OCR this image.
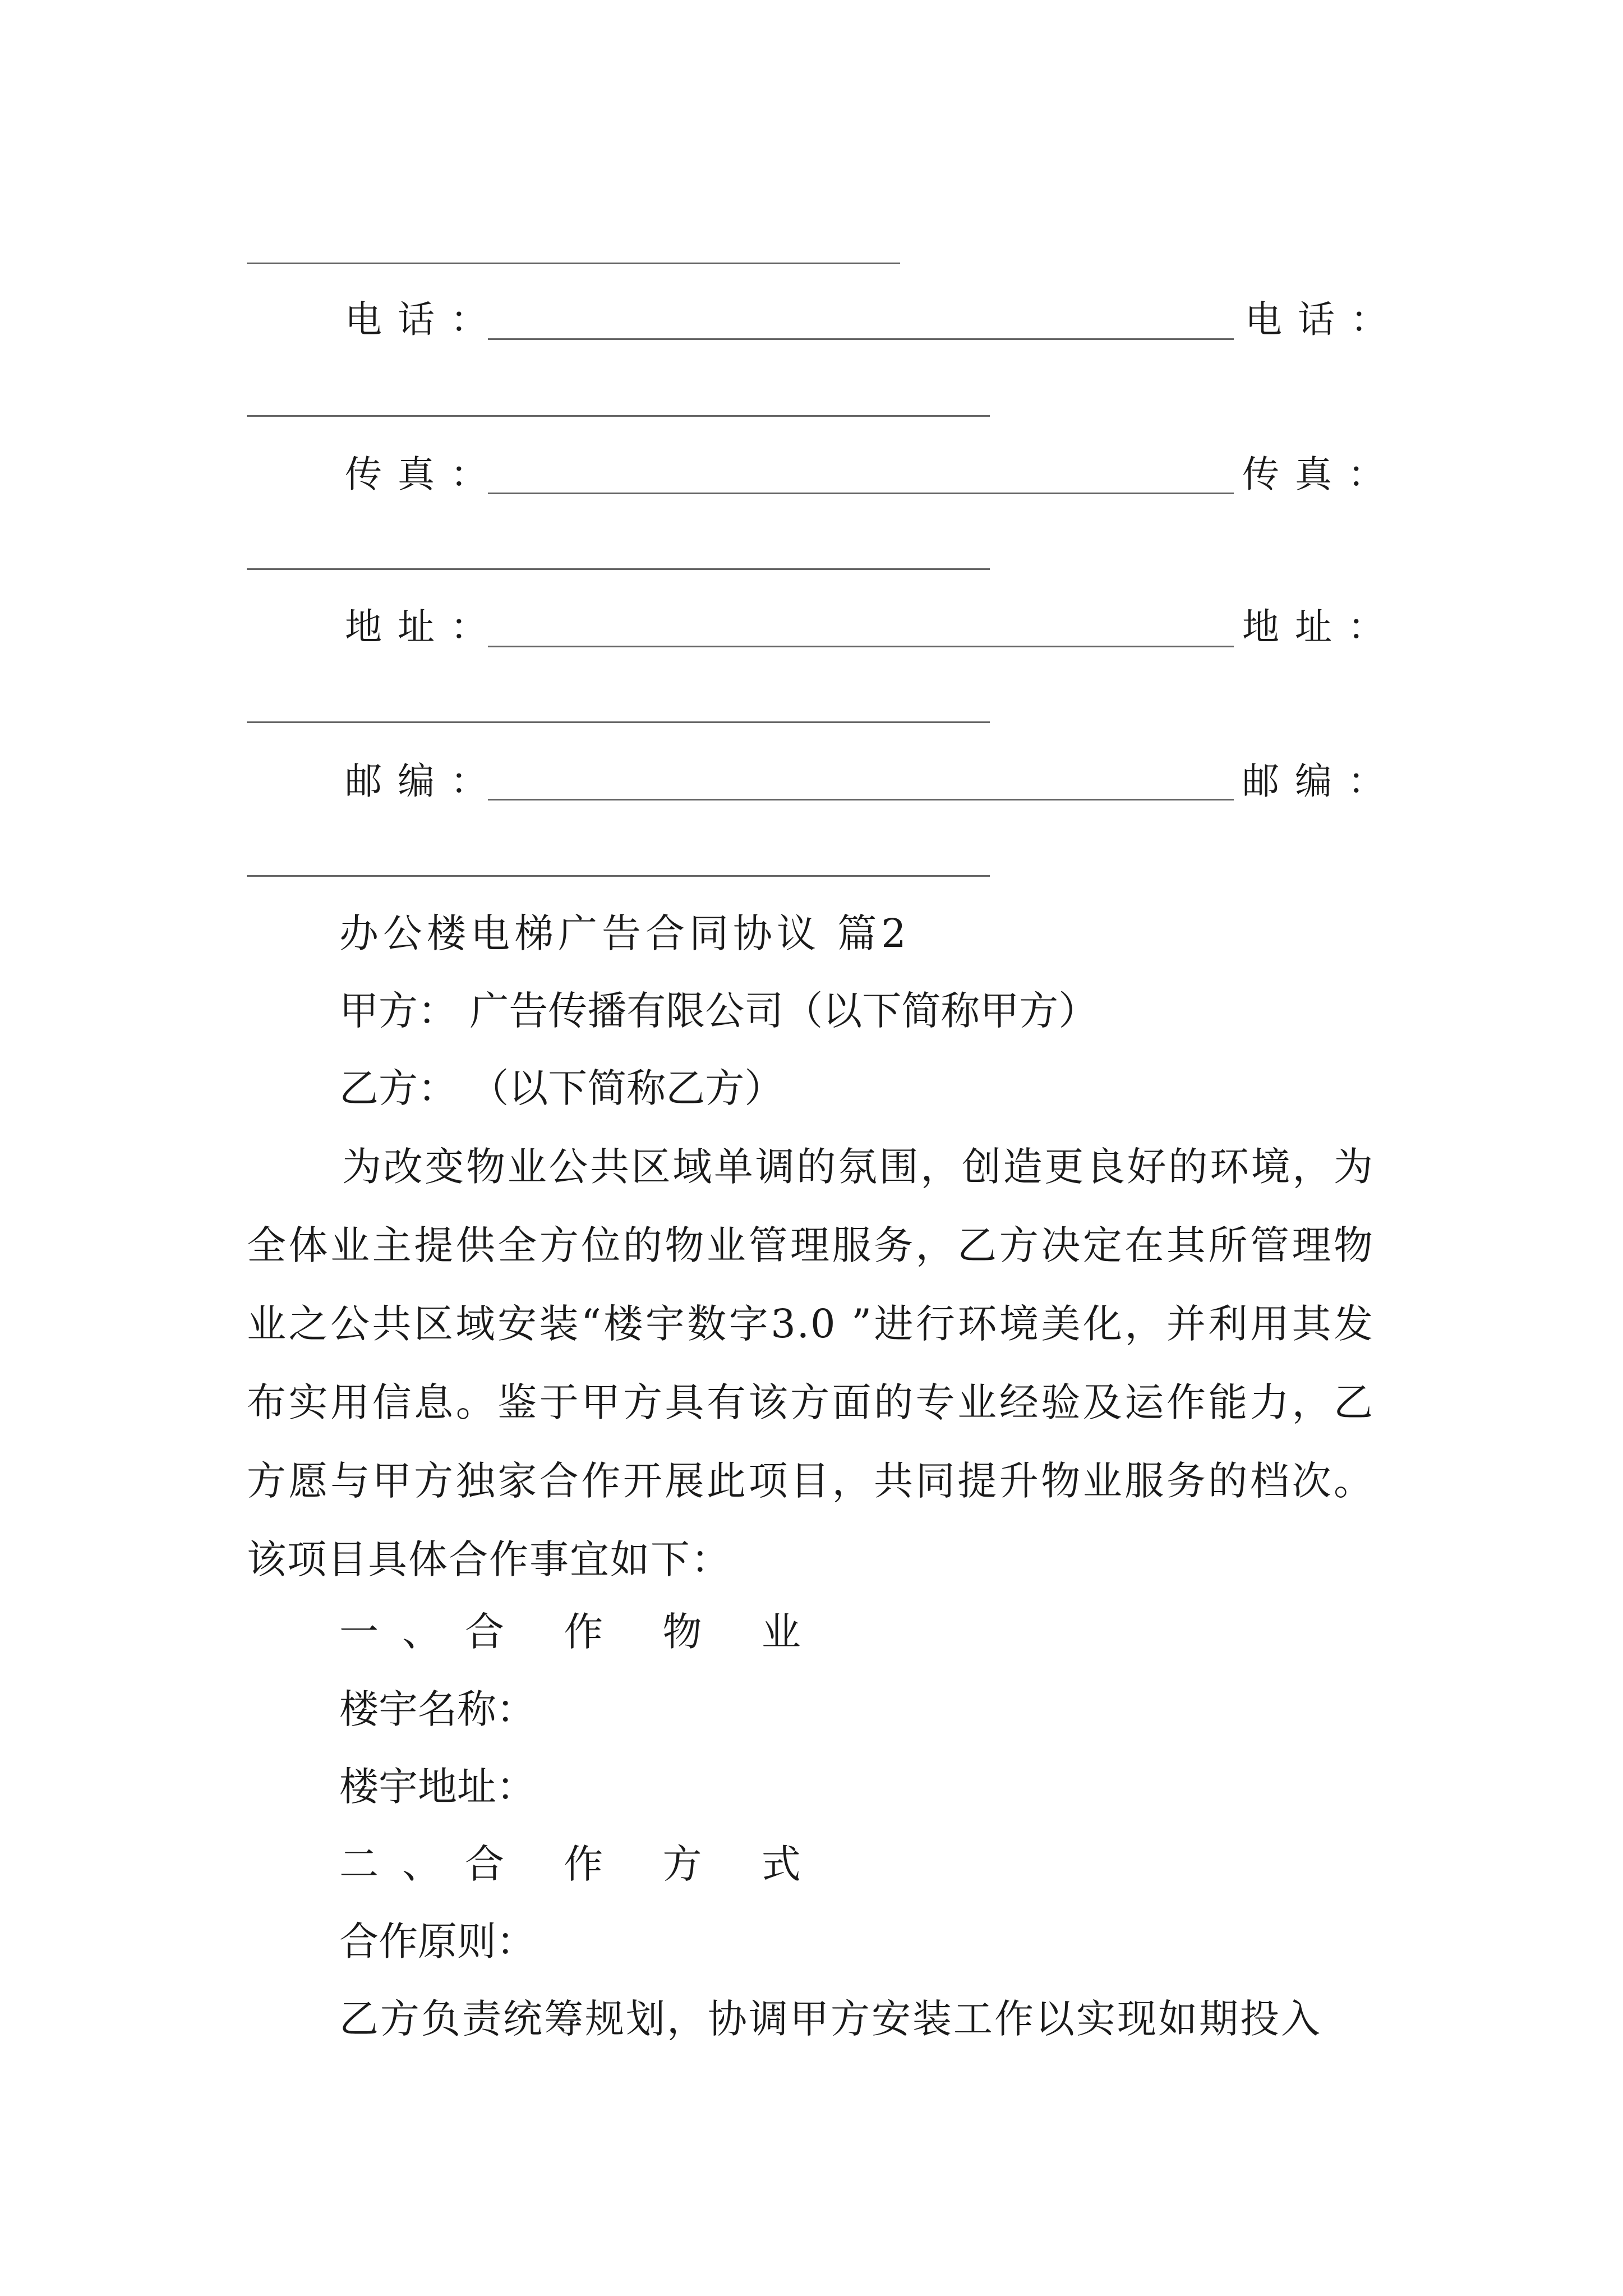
电话：	电话：
传真：	传真：
地址：	地址：
邮编：	邮编：
办公楼电梯广告合同协议 篇2
甲方： 广告传播有限公司（以下简称甲方）
乙方： （以下简称乙方）
为改变物业公共区域单调的氛围，创造更良好的环境，为全体业主提供全方位的物业管理服务，乙方决定在其所管理物业之公共区域安装“楼宇数字3.0 ”进行环境美化，并利用其发布实用信息。鉴于甲方具有该方面的专业经验及运作能力，乙方愿与甲方独家合作开展此项目，共同提升物业服务的档次。该项目具体合作事宜如下：
一、合 作 物 业
楼宇名称：
楼宇地址：
二、合 作 方 式
合作原则：
乙方负责统筹规划，协调甲方安装工作以实现如期投入
